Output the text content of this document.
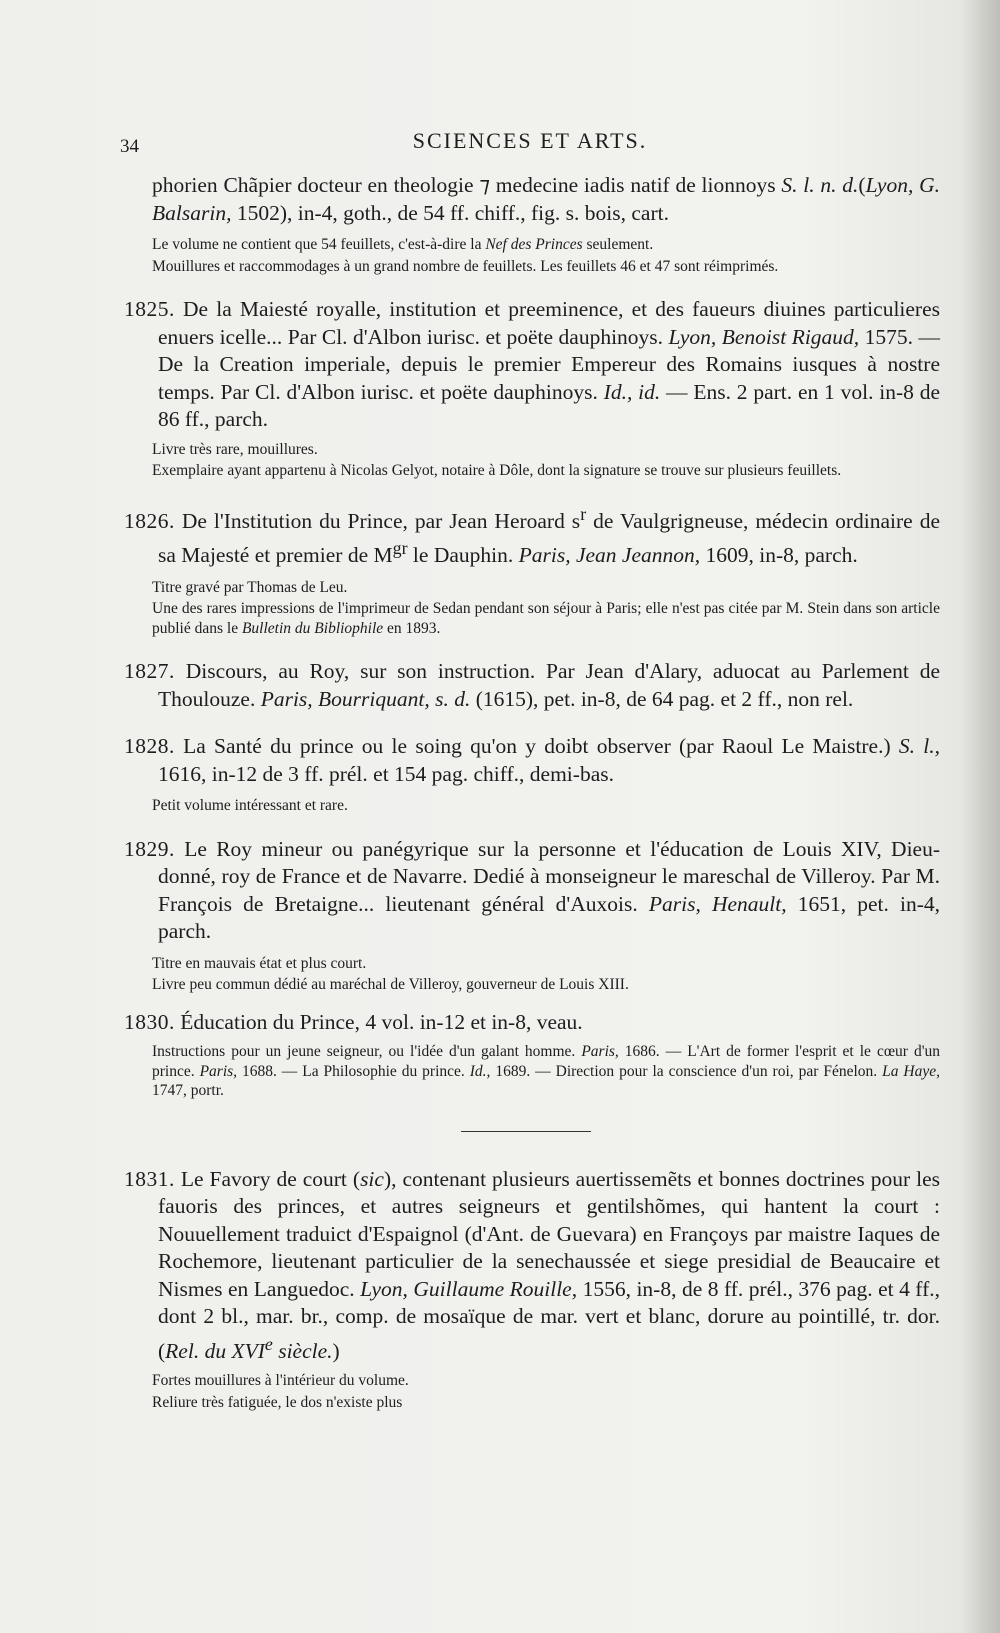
34	SCIENCES ET ARTS.
phorien Chãpier docteur en theologie ⁊ medecine iadis natif de lionnoys S. l. n. d.(Lyon, G. Balsarin, 1502), in-4, goth., de 54 ff. chiff., fig. s. bois, cart.
Le volume ne contient que 54 feuillets, c'est-à-dire la Nef des Princes seulement.
Mouillures et raccommodages à un grand nombre de feuillets. Les feuillets 46 et 47 sont réimprimés.
1825. De la Maiesté royalle, institution et preeminence, et des faueurs diuines particulieres enuers icelle... Par Cl. d'Albon iurisc. et poëte dauphinoys. Lyon, Benoist Rigaud, 1575. — De la Creation imperiale, depuis le premier Empereur des Romains iusques à nostre temps. Par Cl. d'Albon iurisc. et poëte dauphinoys. Id., id. — Ens. 2 part. en 1 vol. in-8 de 86 ff., parch.
Livre très rare, mouillures.
Exemplaire ayant appartenu à Nicolas Gelyot, notaire à Dôle, dont la signature se trouve sur plusieurs feuillets.
1826. De l'Institution du Prince, par Jean Heroard $s^r$ de Vaulgrigneuse, médecin ordinaire de sa Majesté et premier de $M^{gr}$ le Dauphin. Paris, Jean Jeannon, 1609, in-8, parch.
Titre gravé par Thomas de Leu.
Une des rares impressions de l'imprimeur de Sedan pendant son séjour à Paris; elle n'est pas citée par M. Stein dans son article publié dans le Bulletin du Bibliophile en 1893.
1827. Discours, au Roy, sur son instruction. Par Jean d'Alary, aduocat au Parlement de Thoulouze. Paris, Bourriquant, s. d. (1615), pet. in-8, de 64 pag. et 2 ff., non rel.
1828. La Santé du prince ou le soing qu'on y doibt observer (par Raoul Le Maistre.) S. l., 1616, in-12 de 3 ff. prél. et 154 pag. chiff., demi-bas.
Petit volume intéressant et rare.
1829. Le Roy mineur ou panégyrique sur la personne et l'éducation de Louis XIV, Dieu-donné, roy de France et de Navarre. Dedié à monseigneur le mareschal de Villeroy. Par M. François de Bretaigne... lieutenant général d'Auxois. Paris, Henault, 1651, pet. in-4, parch.
Titre en mauvais état et plus court.
Livre peu commun dédié au maréchal de Villeroy, gouverneur de Louis XIII.
1830. Éducation du Prince, 4 vol. in-12 et in-8, veau.
Instructions pour un jeune seigneur, ou l'idée d'un galant homme. Paris, 1686. — L'Art de former l'esprit et le cœur d'un prince. Paris, 1688. — La Philosophie du prince. Id., 1689. — Direction pour la conscience d'un roi, par Fénelon. La Haye, 1747, portr.
1831. Le Favory de court (sic), contenant plusieurs auertissemẽts et bonnes doctrines pour les fauoris des princes, et autres seigneurs et gentilshõmes, qui hantent la court : Nouuellement traduict d'Espaignol (d'Ant. de Guevara) en Françoys par maistre Iaques de Rochemore, lieutenant particulier de la senechaussée et siege presidial de Beaucaire et Nismes en Languedoc. Lyon, Guillaume Rouille, 1556, in-8, de 8 ff. prél., 376 pag. et 4 ff., dont 2 bl., mar. br., comp. de mosaïque de mar. vert et blanc, dorure au pointillé, tr. dor. (Rel. du XVIe siècle.)
Fortes mouillures à l'intérieur du volume.
Reliure très fatiguée, le dos n'existe plus
